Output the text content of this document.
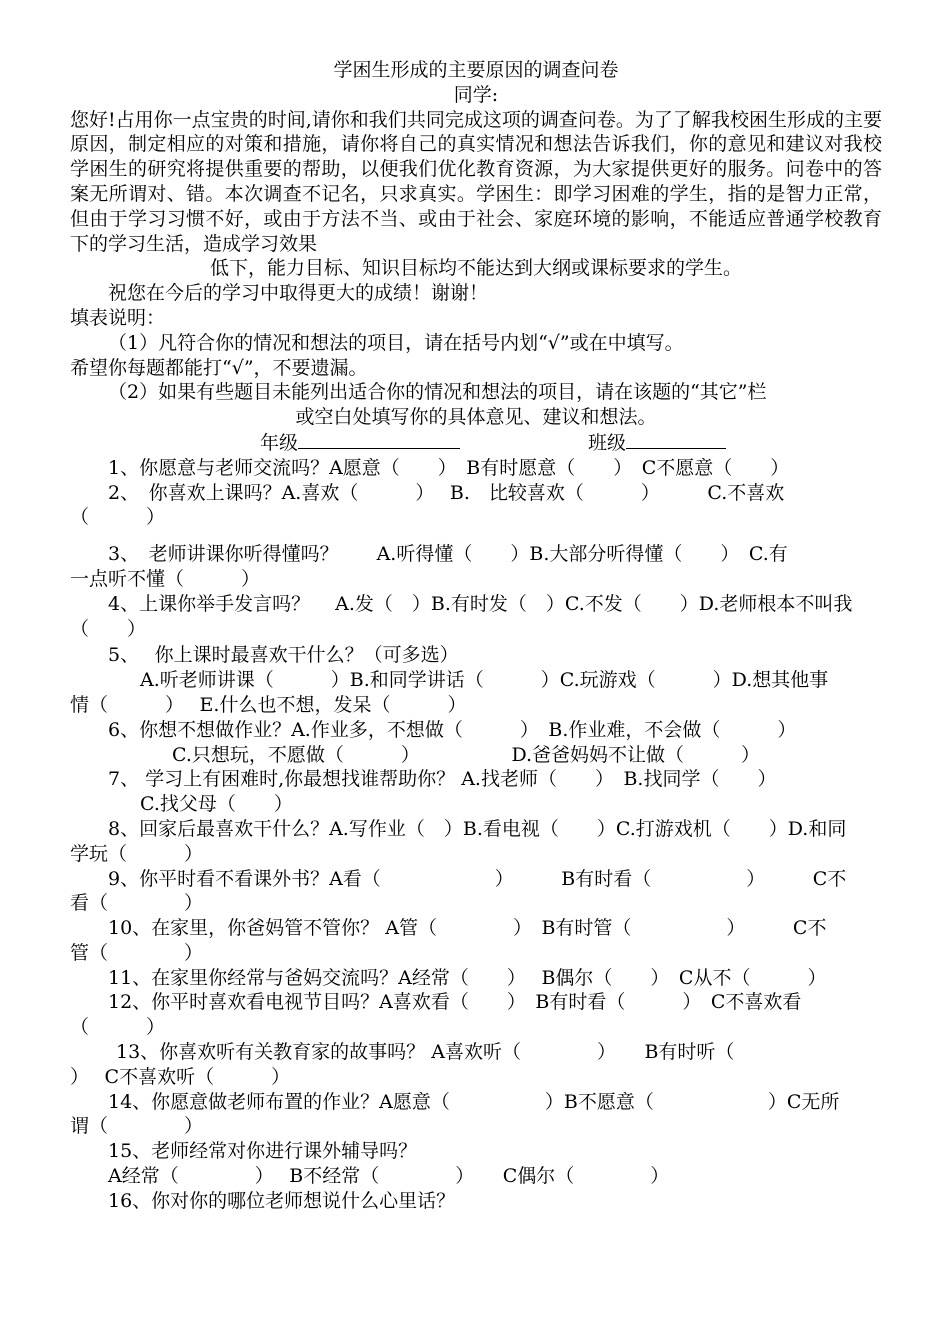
学困生形成的主要原因的调查问卷
同学:
您好!占用你一点宝贵的时间,请你和我们共同完成这项的调查问卷。为了了解我校困生形成的主要原因，制定相应的对策和措施，请你将自己的真实情况和想法告诉我们，你的意见和建议对我校学困生的研究将提供重要的帮助，以便我们优化教育资源，为大家提供更好的服务。问卷中的答案无所谓对、错。本次调查不记名，只求真实。学困生：即学习困难的学生，指的是智力正常，但由于学习习惯不好，或由于方法不当、或由于社会、家庭环境的影响，不能适应普通学校教育下的学习生活，造成学习效果
低下，能力目标、知识目标均不能达到大纲或课标要求的学生。
祝您在今后的学习中取得更大的成绩！谢谢！
填表说明：
（1）凡符合你的情况和想法的项目，请在括号内划“√”或在中填写。
希望你每题都能打“√”，不要遗漏。
（2）如果有些题目未能列出适合你的情况和想法的项目，请在该题的“其它”栏
或空白处填写你的具体意见、建议和想法。
年级	班级
1、你愿意与老师交流吗？A愿意（　　）　B有时愿意（　　）　C不愿意（　　）
2、　你喜欢上课吗？A.喜欢（　　　）　 B.　比较喜欢（　　　）　　　C.不喜欢
（　　　）
3、　老师讲课你听得懂吗？　　A.听得懂（　　）B.大部分听得懂（　　）　C.有
一点听不懂（　　　）
4、上课你举手发言吗？　 A.发（　）B.有时发（　）C.不发（　　）D.老师根本不叫我
（　　）
5、　 你上课时最喜欢干什么？（可多选）
A.听老师讲课（　　　）B.和同学讲话（　　　）C.玩游戏（　　　）D.想其他事
情（　　　）　 E.什么也不想，发呆（　　　）
6、你想不想做作业？A.作业多，不想做（　　　）　B.作业难，不会做（　　　）
C.只想玩，不愿做（　　　）　　　　　 D.爸爸妈妈不让做（　　　）
7、 学习上有困难时,你最想找谁帮助你？ A.找老师（　　）　B.找同学（　　）
C.找父母（　　）
8、回家后最喜欢干什么？A.写作业（　）B.看电视（　　）C.打游戏机（　　）D.和同
学玩（　　　）
9、你平时看不看课外书？A看（　　　　　　）　　　B有时看（　　　　　）　　　C不
看（　　　　）
10、在家里，你爸妈管不管你？ A管（　　　　）　B有时管（　　　　　）　　　C不
管（　　　　）
11、在家里你经常与爸妈交流吗？A经常（　　）　 B偶尔（　　）　C从不（　　　）
12、你平时喜欢看电视节目吗？A喜欢看（　　）　B有时看（　　　）　C不喜欢看
（　　　）
13、你喜欢听有关教育家的故事吗？ A喜欢听（　　　　）　　B有时听（
）　 C不喜欢听（　　　）
14、你愿意做老师布置的作业？A愿意（　　　　　）B不愿意（　　　　　　）C无所
谓（　　　　）
15、老师经常对你进行课外辅导吗？
A经常（　　　　）　 B不经常（　　　　）　　C偶尔（　　　　）
16、你对你的哪位老师想说什么心里话？
